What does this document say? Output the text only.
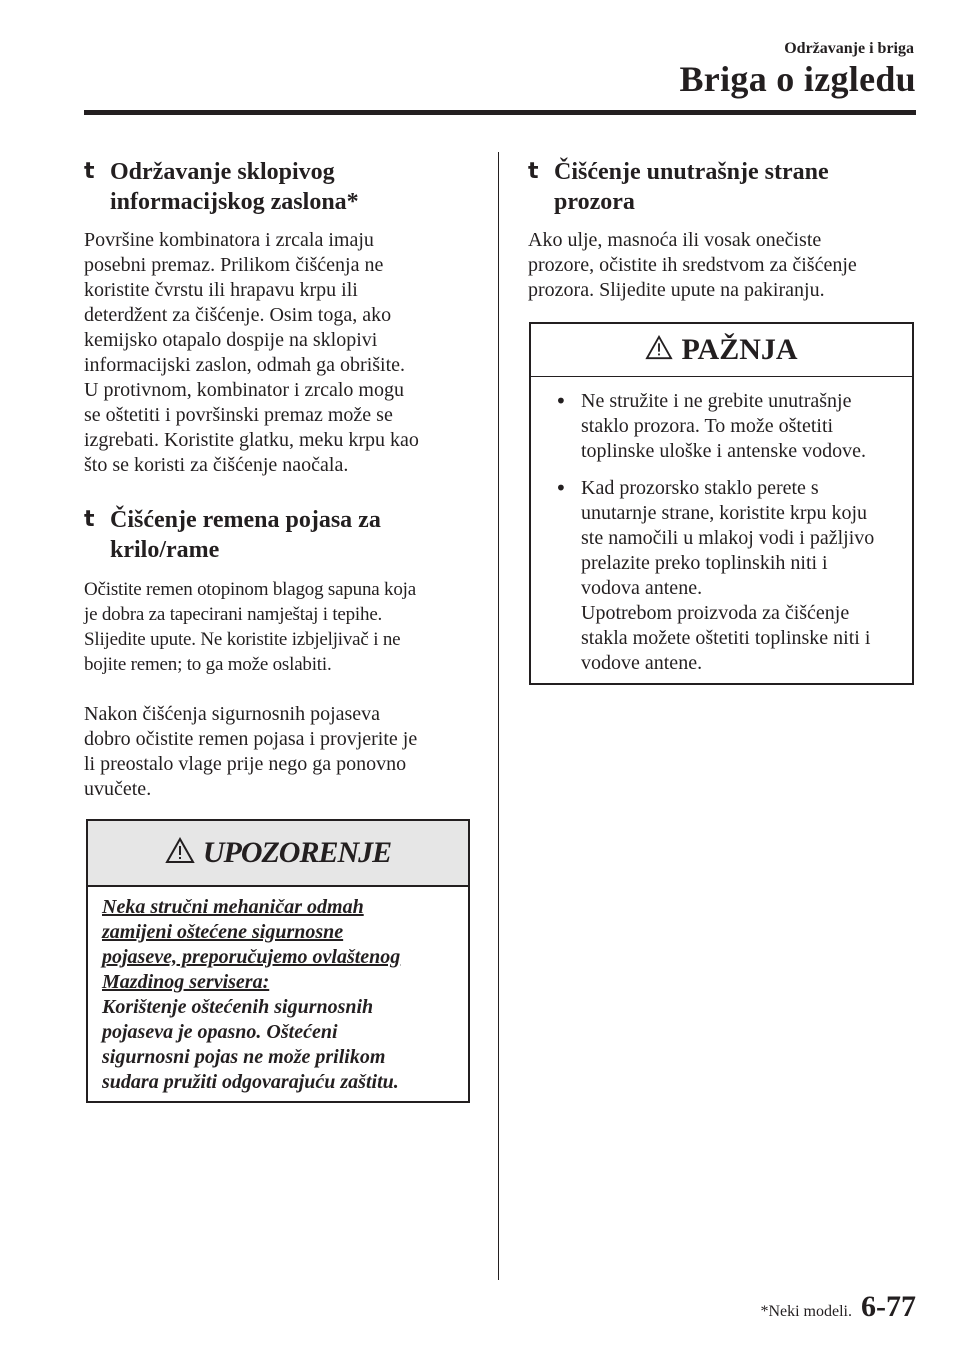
Održavanje i briga
Briga o izgledu
t Održavanje sklopivog
informacijskog zaslona*
Površine kombinatora i zrcala imaju
posebni premaz. Prilikom čišćenja ne
koristite čvrstu ili hrapavu krpu ili
deterdžent za čišćenje. Osim toga, ako
kemijsko otapalo dospije na sklopivi
informacijski zaslon, odmah ga obrišite.
U protivnom, kombinator i zrcalo mogu
se oštetiti i površinski premaz može se
izgrebati. Koristite glatku, meku krpu kao
što se koristi za čišćenje naočala.
t Čišćenje remena pojasa za
krilo/rame
Očistite remen otopinom blagog sapuna koja
je dobra za tapecirani namještaj i tepihe.
Slijedite upute. Ne koristite izbjeljivač i ne
bojite remen; to ga može oslabiti.
Nakon čišćenja sigurnosnih pojaseva
dobro očistite remen pojasa i provjerite je
li preostalo vlage prije nego ga ponovno
uvučete.
UPOZORENJE
Neka stručni mehaničar odmah
zamijeni oštećene sigurnosne
pojaseve, preporučujemo ovlaštenog
Mazdinog servisera:
Korištenje oštećenih sigurnosnih
pojaseva je opasno. Oštećeni
sigurnosni pojas ne može prilikom
sudara pružiti odgovarajuću zaštitu.
t Čišćenje unutrašnje strane
prozora
Ako ulje, masnoća ili vosak onečiste
prozore, očistite ih sredstvom za čišćenje
prozora. Slijedite upute na pakiranju.
PAŽNJA
• Ne stružite i ne grebite unutrašnje
staklo prozora. To može oštetiti
toplinske uloške i antenske vodove.
• Kad prozorsko staklo perete s
unutarnje strane, koristite krpu koju
ste namočili u mlakoj vodi i pažljivo
prelazite preko toplinskih niti i
vodova antene.
Upotrebom proizvoda za čišćenje
stakla možete oštetiti toplinske niti i
vodove antene.
*Neki modeli. 6-77
